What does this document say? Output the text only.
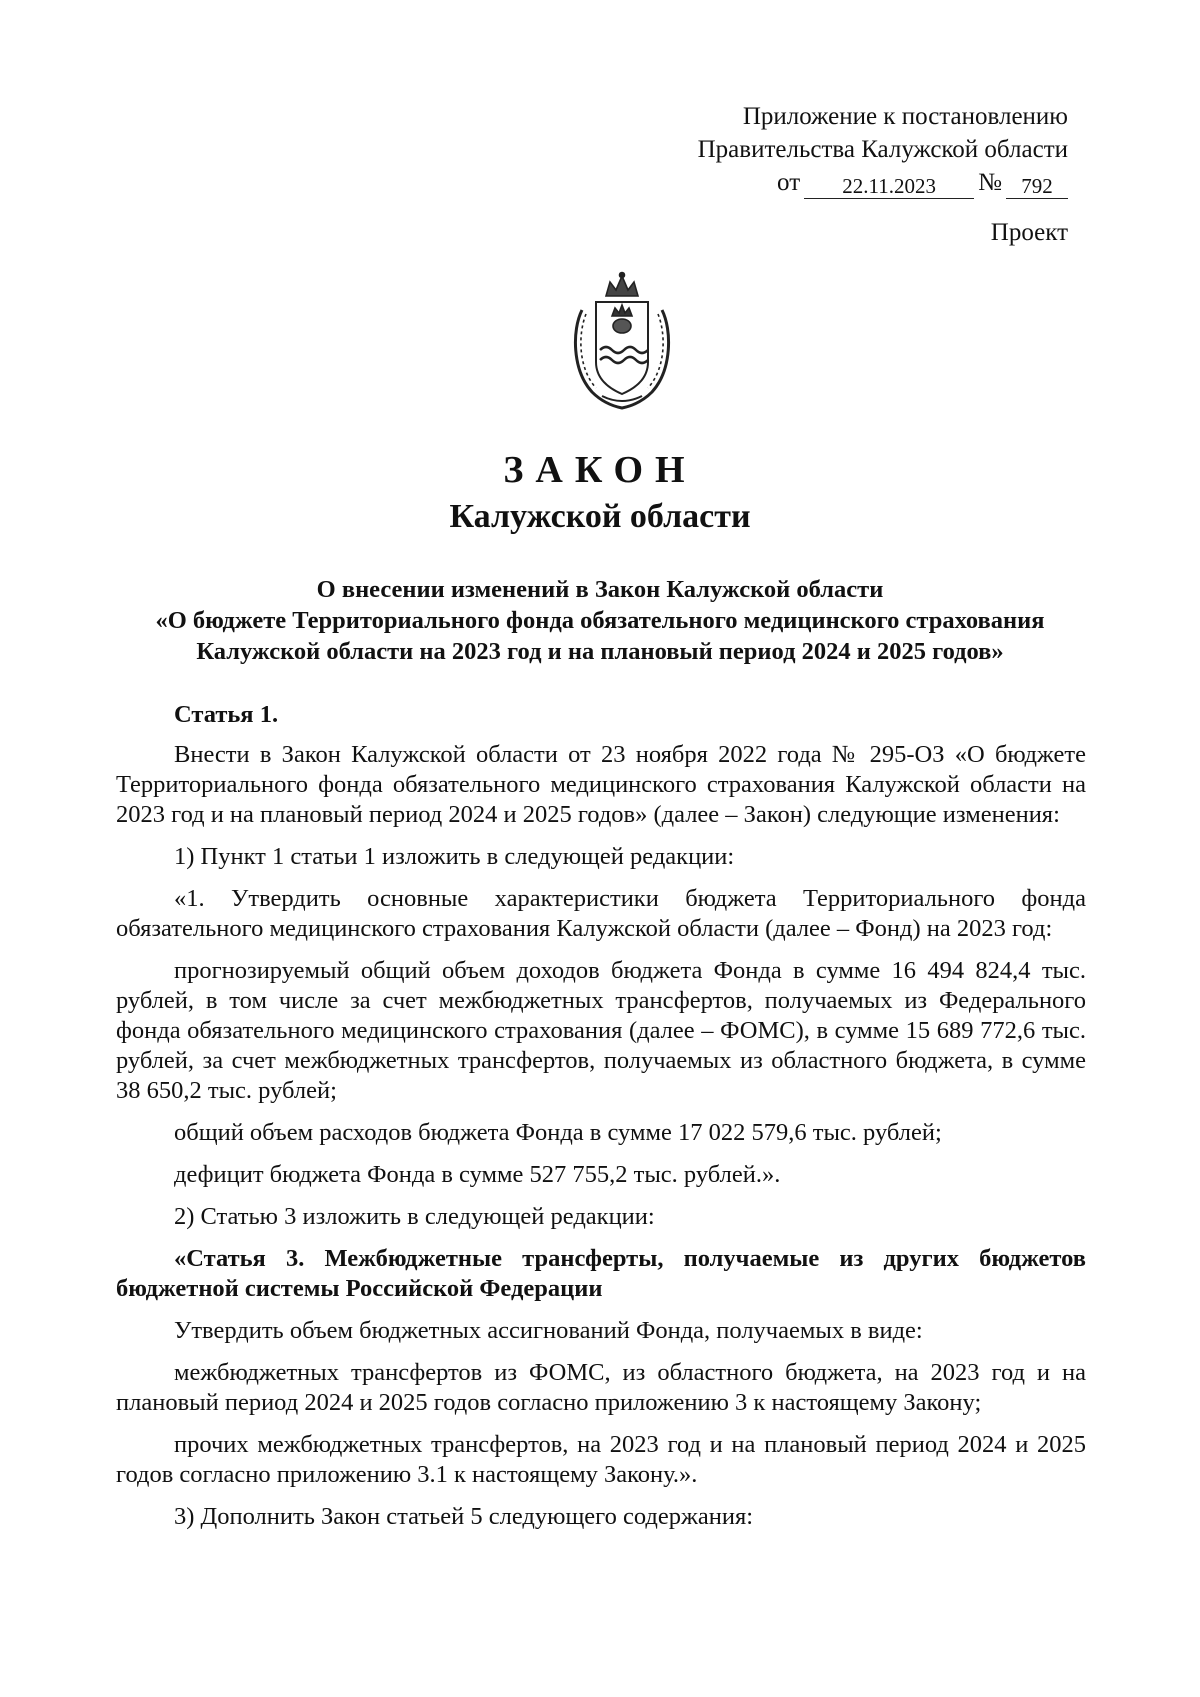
Приложение к постановлению
Правительства Калужской области
от	22.11.2023	№ 792
Проект
ЗАКОН
Калужской области
О внесении изменений в Закон Калужской области
«О бюджете Территориального фонда обязательного медицинского страхования
Калужской области на 2023 год и на плановый период 2024 и 2025 годов»
Статья 1.

Внести в Закон Калужской области от 23 ноября 2022 года № 295-ОЗ «О бюджете Территориального фонда обязательного медицинского страхования Калужской области на 2023 год и на плановый период 2024 и 2025 годов» (далее – Закон) следующие изменения:

1) Пункт 1 статьи 1 изложить в следующей редакции:

«1. Утвердить основные характеристики бюджета Территориального фонда обязательного медицинского страхования Калужской области (далее – Фонд) на 2023 год:

прогнозируемый общий объем доходов бюджета Фонда в сумме 16 494 824,4 тыс. рублей, в том числе за счет межбюджетных трансфертов, получаемых из Федерального фонда обязательного медицинского страхования (далее – ФОМС), в сумме 15 689 772,6 тыс. рублей, за счет межбюджетных трансфертов, получаемых из областного бюджета, в сумме 38 650,2 тыс. рублей;

общий объем расходов бюджета Фонда в сумме 17 022 579,6 тыс. рублей;

дефицит бюджета Фонда в сумме 527 755,2 тыс. рублей.».

2) Статью 3 изложить в следующей редакции:

«Статья 3. Межбюджетные трансферты, получаемые из других бюджетов бюджетной системы Российской Федерации

Утвердить объем бюджетных ассигнований Фонда, получаемых в виде:

межбюджетных трансфертов из ФОМС, из областного бюджета, на 2023 год и на плановый период 2024 и 2025 годов согласно приложению 3 к настоящему Закону;

прочих межбюджетных трансфертов, на 2023 год и на плановый период 2024 и 2025 годов согласно приложению 3.1 к настоящему Закону.».

3) Дополнить Закон статьей 5 следующего содержания:
